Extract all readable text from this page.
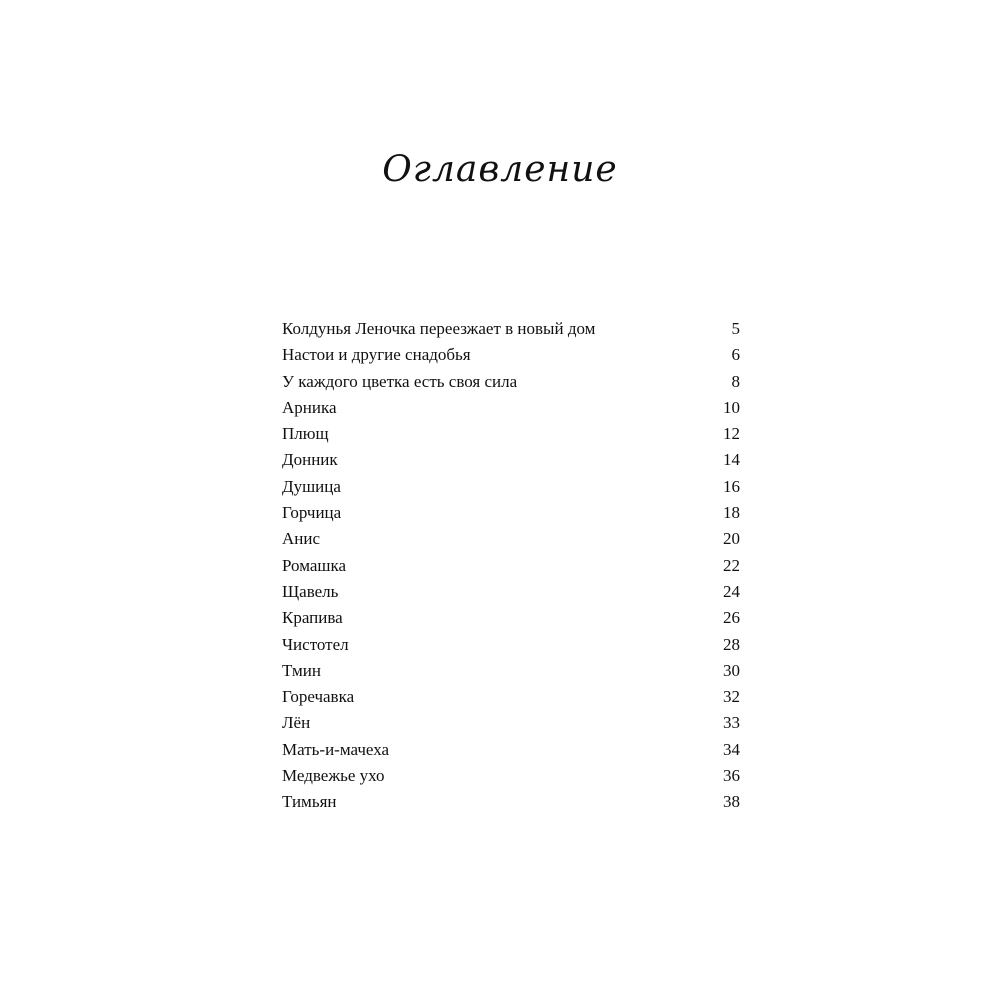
Оглавление
Колдунья Леночка переезжает в новый дом	5
Настои и другие снадобья	6
У каждого цветка есть своя сила	8
Арника	10
Плющ	12
Донник	14
Душица	16
Горчица	18
Анис	20
Ромашка	22
Щавель	24
Крапива	26
Чистотел	28
Тмин	30
Горечавка	32
Лён	33
Мать-и-мачеха	34
Медвежье ухо	36
Тимьян	38
